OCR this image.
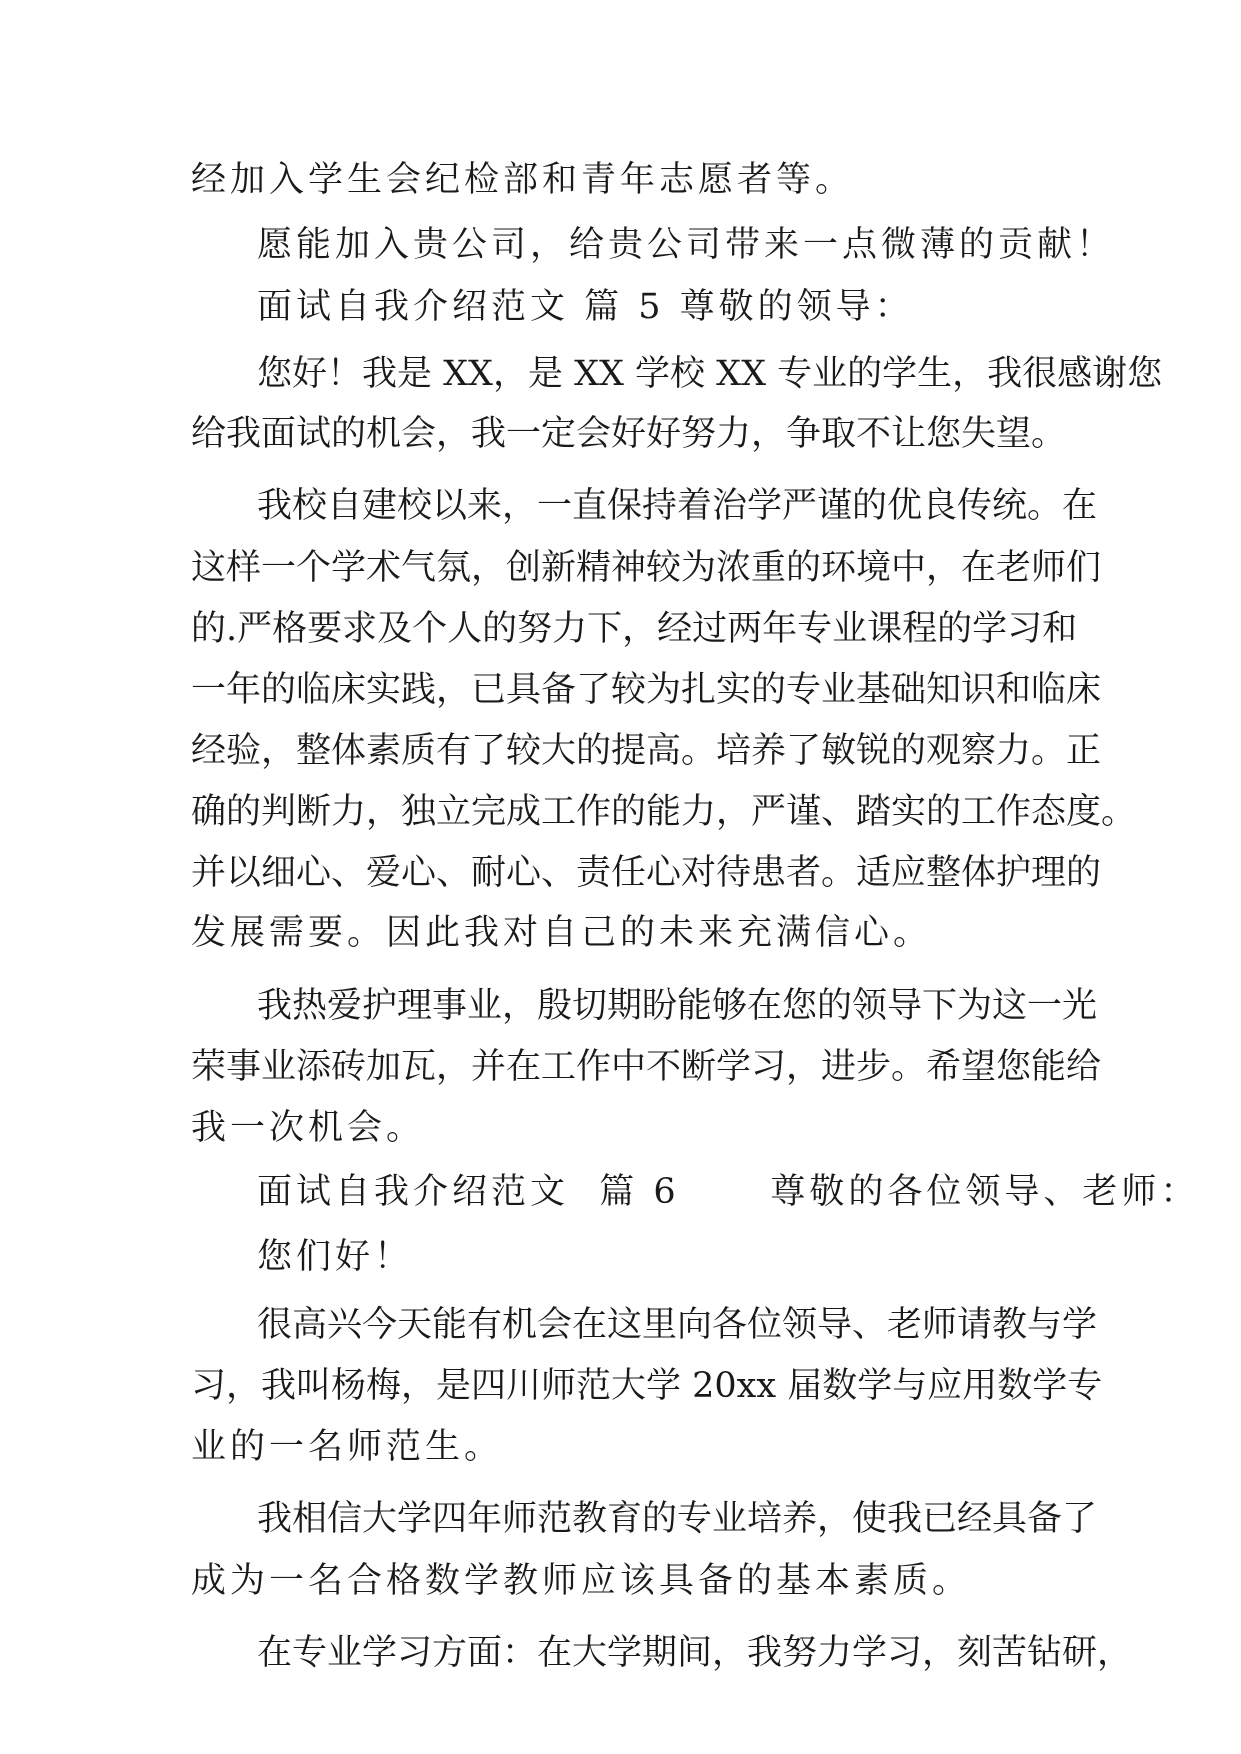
经加入学生会纪检部和青年志愿者等。
愿能加入贵公司，给贵公司带来一点微薄的贡献！
面试自我介绍范文 篇 5 尊敬的领导：
您好！我是 XX，是 XX 学校 XX 专业的学生，我很感谢您
给我面试的机会，我一定会好好努力，争取不让您失望。
我校自建校以来，一直保持着治学严谨的优良传统。在
这样一个学术气氛，创新精神较为浓重的环境中，在老师们
的.严格要求及个人的努力下，经过两年专业课程的学习和
一年的临床实践，已具备了较为扎实的专业基础知识和临床
经验，整体素质有了较大的提高。培养了敏锐的观察力。正
确的判断力，独立完成工作的能力，严谨、踏实的工作态度。
并以细心、爱心、耐心、责任心对待患者。适应整体护理的
发展需要。因此我对自己的未来充满信心。
我热爱护理事业，殷切期盼能够在您的领导下为这一光
荣事业添砖加瓦，并在工作中不断学习，进步。希望您能给
我一次机会。
面试自我介绍范文  篇 6      尊敬的各位领导、老师：
您们好！
很高兴今天能有机会在这里向各位领导、老师请教与学
习，我叫杨梅，是四川师范大学 20xx 届数学与应用数学专
业的一名师范生。
我相信大学四年师范教育的专业培养，使我已经具备了
成为一名合格数学教师应该具备的基本素质。
在专业学习方面：在大学期间，我努力学习，刻苦钻研，
